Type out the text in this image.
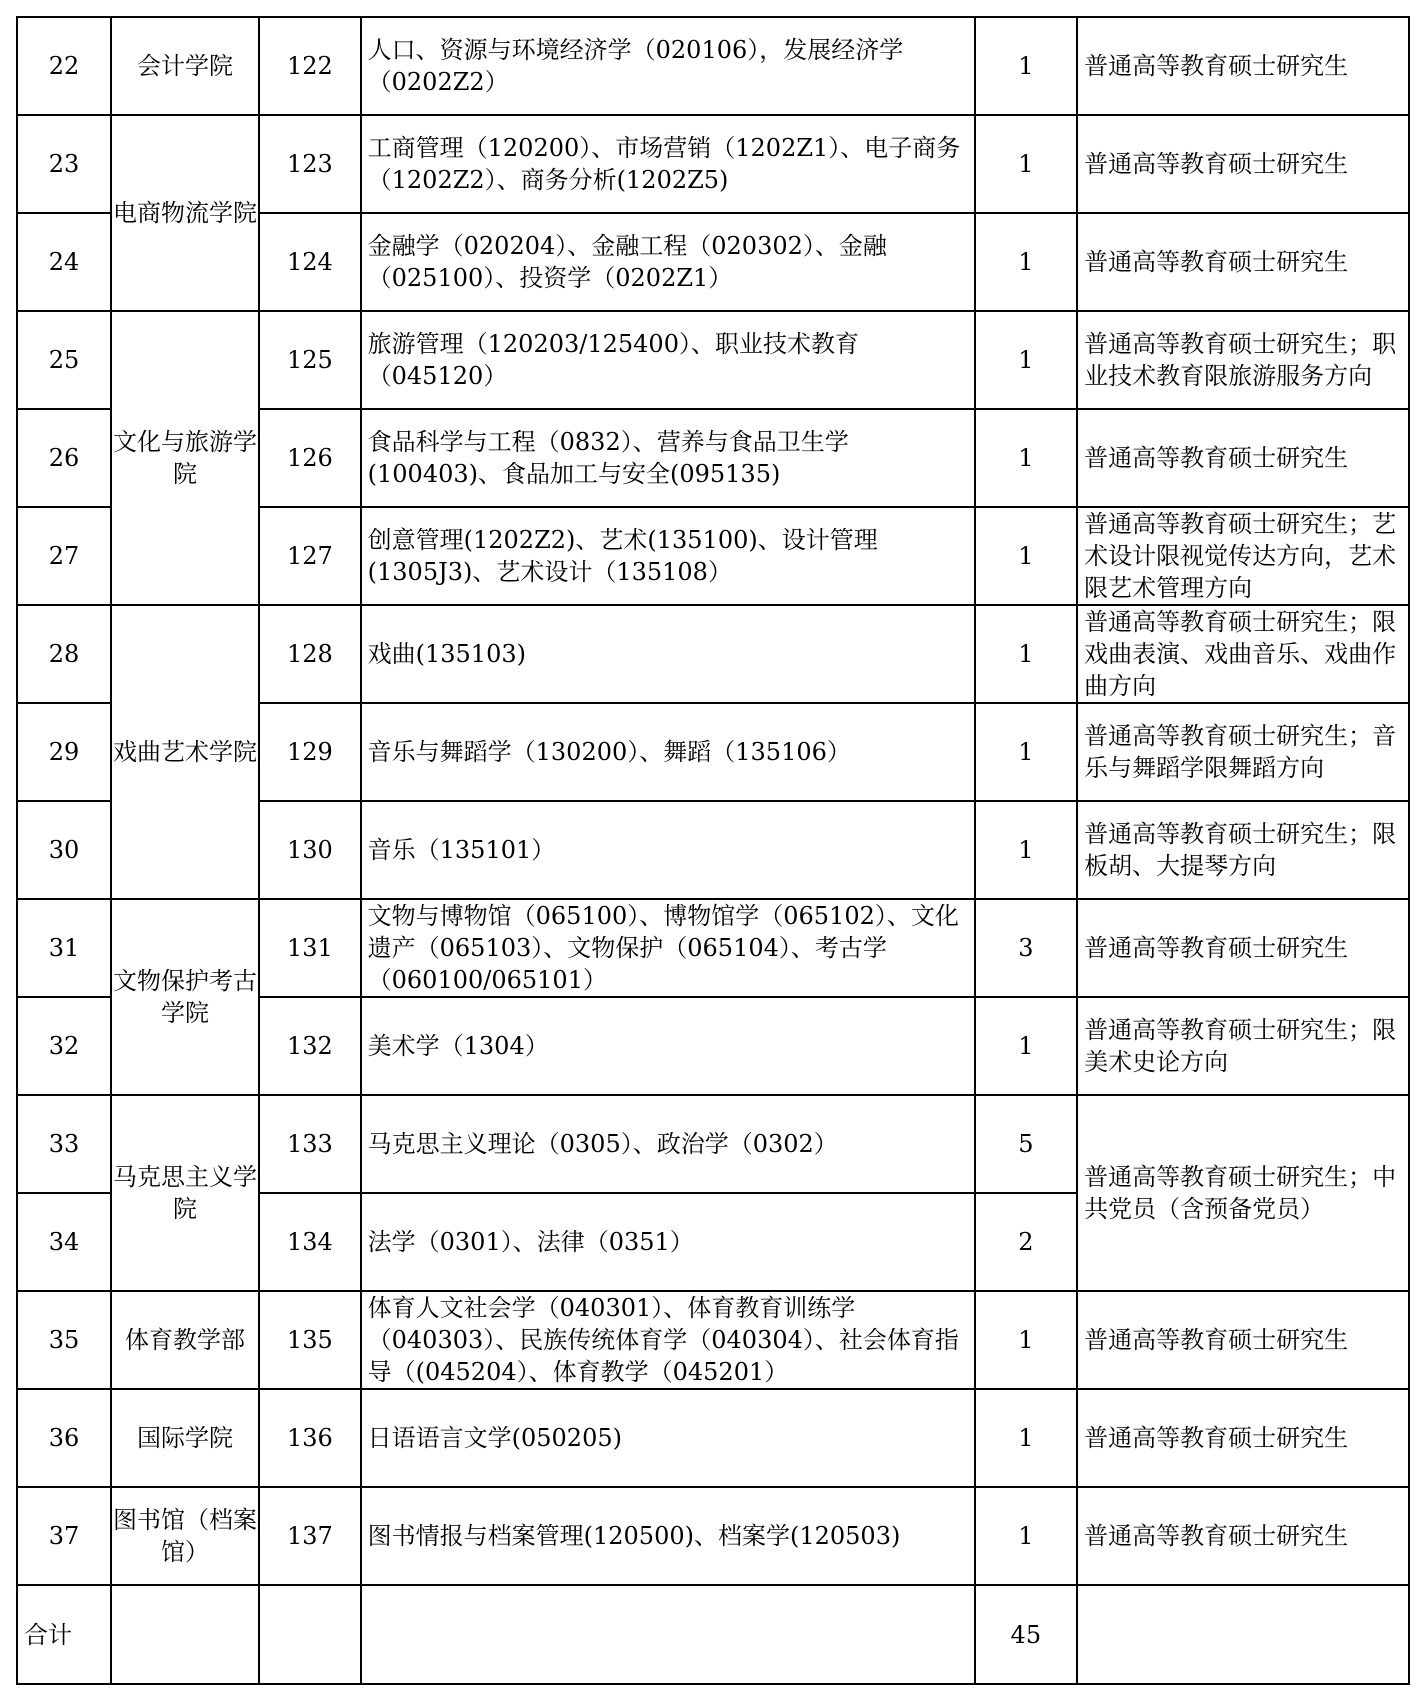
22	会计学院	122	人口、资源与环境经济学（020106），发展经济学（0202Z2）	1	普通高等教育硕士研究生
23	电商物流学院	123	工商管理（120200）、市场营销（1202Z1）、电子商务（1202Z2）、商务分析(1202Z5)	1	普通高等教育硕士研究生
24		124	金融学（020204）、金融工程（020302）、金融（025100）、投资学（0202Z1）	1	普通高等教育硕士研究生
25	文化与旅游学院	125	旅游管理（120203/125400）、职业技术教育（045120）	1	普通高等教育硕士研究生；职业技术教育限旅游服务方向
26		126	食品科学与工程（0832）、营养与食品卫生学(100403)、食品加工与安全(095135)	1	普通高等教育硕士研究生
27		127	创意管理(1202Z2)、艺术(135100)、设计管理(1305J3)、艺术设计（135108）	1	普通高等教育硕士研究生；艺术设计限视觉传达方向，艺术限艺术管理方向
28	戏曲艺术学院	128	戏曲(135103)	1	普通高等教育硕士研究生；限戏曲表演、戏曲音乐、戏曲作曲方向
29		129	音乐与舞蹈学（130200）、舞蹈（135106）	1	普通高等教育硕士研究生；音乐与舞蹈学限舞蹈方向
30		130	音乐（135101）	1	普通高等教育硕士研究生；限板胡、大提琴方向
31	文物保护考古学院	131	文物与博物馆（065100）、博物馆学（065102）、文化遗产（065103）、文物保护（065104）、考古学（060100/065101）	3	普通高等教育硕士研究生
32		132	美术学（1304）	1	普通高等教育硕士研究生；限美术史论方向
33	马克思主义学院	133	马克思主义理论（0305）、政治学（0302）	5	普通高等教育硕士研究生；中共党员（含预备党员）
34		134	法学（0301）、法律（0351）	2	
35	体育教学部	135	体育人文社会学（040301）、体育教育训练学（040303）、民族传统体育学（040304）、社会体育指导（(045204）、体育教学（045201）	1	普通高等教育硕士研究生
36	国际学院	136	日语语言文学(050205)	1	普通高等教育硕士研究生
37	图书馆（档案馆）	137	图书情报与档案管理(120500)、档案学(120503)	1	普通高等教育硕士研究生
合计				45	
